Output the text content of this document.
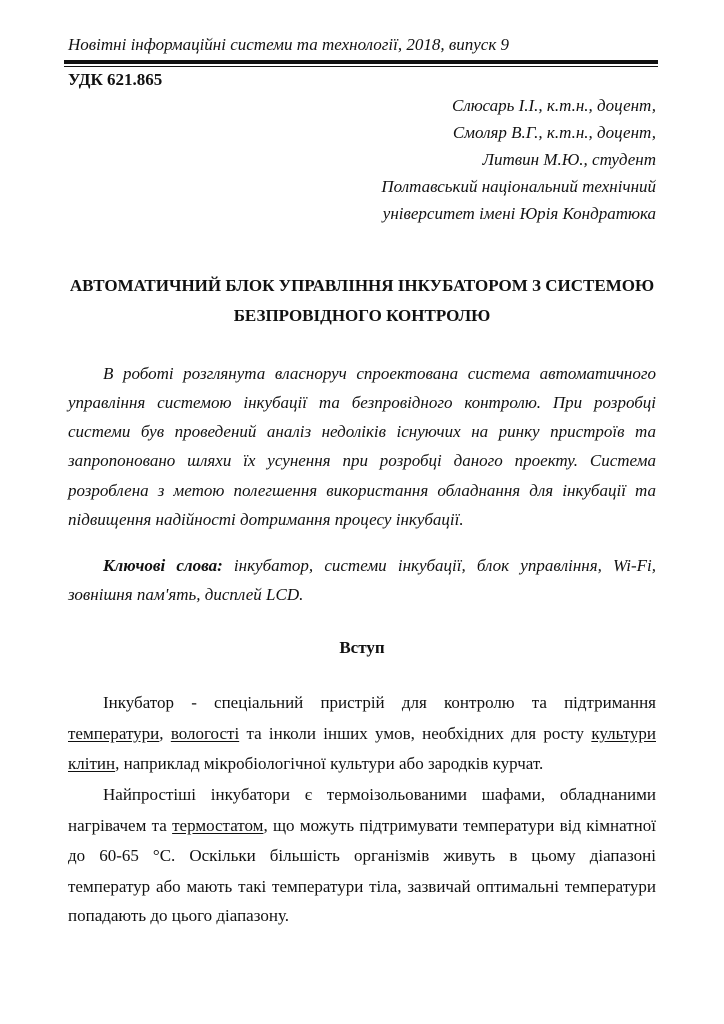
Новітні інформаційні системи та технології, 2018, випуск 9
УДК 621.865
Слюсарь І.І., к.т.н., доцент,
Смоляр В.Г., к.т.н., доцент,
Литвин М.Ю., студент
Полтавський національний технічний
університет імені Юрія Кондратюка
АВТОМАТИЧНИЙ БЛОК УПРАВЛІННЯ ІНКУБАТОРОМ З СИСТЕМОЮ
БЕЗПРОВІДНОГО КОНТРОЛЮ
В роботі розглянута власноруч спроектована система автоматичного
управління системою інкубації та безпровідного контролю. При розробці
системи був проведений аналіз недоліків існуючих на ринку пристроїв та
запропоновано шляхи їх усунення при розробці даного проекту. Система
розроблена з метою полегшення використання обладнання для інкубації та
підвищення надійності дотримання процесу інкубації.
Ключові слова: інкубатор, системи інкубації, блок управління, Wi-Fi,
зовнішня пам'ять, дисплей LCD.
Вступ
Інкубатор - спеціальний пристрій для контролю та підтримання
температури, вологості та інколи інших умов, необхідних для росту культури
клітин, наприклад мікробіологічної культури або зародків курчат.
Найпростіші інкубатори є термоізольованими шафами, обладнаними
нагрівачем та термостатом, що можуть підтримувати температури від кімнатної
до 60-65 °С. Оскільки більшість організмів живуть в цьому діапазоні
температур або мають такі температури тіла, зазвичай оптимальні температури
попадають до цього діапазону.
